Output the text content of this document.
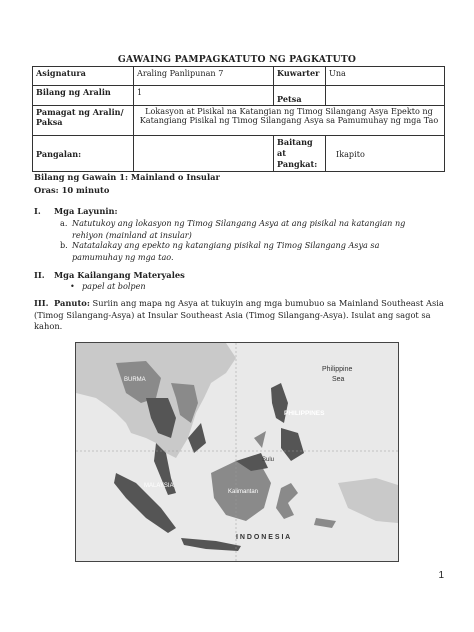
GAWAING PAMPAGKATUTO NG PAGKATUTO
Asignatura	Araling Panlipunan 7	Kuwarter	Una
Bilang ng Aralin	1	Petsa	
Pamagat ng Aralin/ Paksa	Lokasyon at Pisikal na Katangian ng Timog Silangang Asya Epekto ng Katangiang Pisikal ng Timog Silangang Asya sa Pamumuhay ng mga Tao		
Pangalan:		Baitang at Pangkat:	Ikapito
Bilang ng Gawain 1: Mainland o Insular
Oras: 10 minuto
I. Mga Layunin:
a. Natutukoy ang lokasyon ng Timog Silangang Asya at ang pisikal na katangian ng rehiyon (mainland at insular)
b. Natatalakay ang epekto ng katangiang pisikal ng Timog Silangang Asya sa pamumuhay ng mga tao.
II. Mga Kailangang Materyales
• papel at bolpen
III. Panuto: Suriin ang mapa ng Asya at tukuyin ang mga bumubuo sa Mainland Southeast Asia (Timog Silangang-Asya) at Insular Southeast Asia (Timog Silangang-Asya). Isulat ang sagot sa kahon.
Philippine
Sea
PHILIPPINES
I N D O N E S I A
MALAYSIA
BURMA
Sulu
Kalimantan
1
